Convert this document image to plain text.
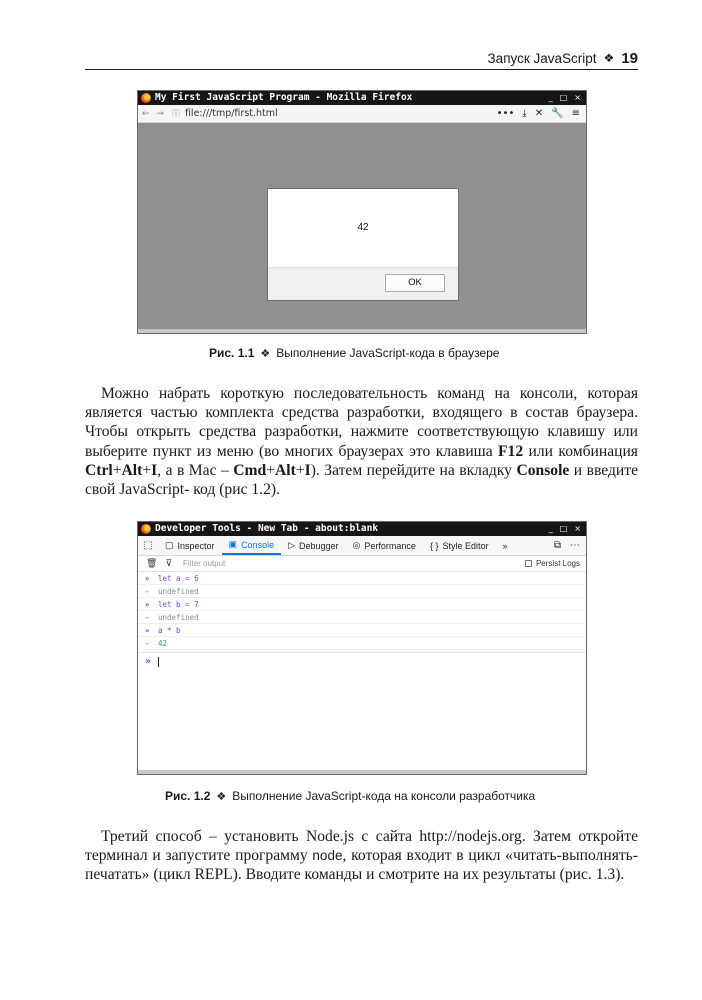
Запуск JavaScript ❖ 19
My First JavaScript Program - Mozilla Firefox	_ □ ×
← → ⓘ file:///tmp/first.html	••• ⤓ ✕ 🔧 ≡
42
OK
Рис. 1.1 ❖ Выполнение JavaScript-кода в браузере
Можно набрать короткую последовательность команд на консоли, которая является частью комплекта средства разработки, входящего в состав браузера. Чтобы открыть средства разработки, нажмите соответствующую клавишу или выберите пункт из меню (во многих браузерах это клавиша F12 или комбинация Ctrl+Alt+I, а в Mac – Cmd+Alt+I). Затем перейдите на вкладку Console и введите свой JavaScript- код (рис 1.2).
Developer Tools - New Tab - about:blank	_ □ ×
⬚	▢ Inspector ▣ Console ▷ Debugger ◎ Performance { } Style Editor	»	⧉ ⋯
🗑 ⊽ Filter output	Persist Logs
» let a = 6
← undefined
» let b = 7
← undefined
» a * b
← 42
»
Рис. 1.2 ❖ Выполнение JavaScript-кода на консоли разработчика
Третий способ – установить Node.js с сайта http://nodejs.org. Затем откройте терминал и запустите программу node, которая входит в цикл «читать-выполнять-печатать» (цикл REPL). Вводите команды и смотрите на их результаты (рис. 1.3).
